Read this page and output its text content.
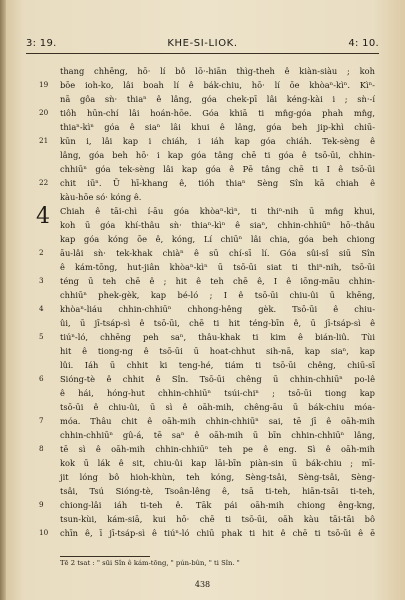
3: 19.	KHE-SI-LIOK.	4: 10.
thang chhēng, hō· lí bô lō·-hiān thìg-theh ê kiàn-siàu ; koh
19 bōe ioh-ko, lâi boah lí ê bák-chiu, hō· lí ōe khòaⁿ-kìⁿ. Kìⁿ-
nā gôa sǹ· thiaⁿ ê lâng, góa chek-pī lâi kéng-kài i ; sǹ·-í
20 tiôh hūn-chí lâi hoán-hōe. Góa khiā ti mn̂g-góa phah mn̂g,
thiaⁿ-kìⁿ góa ê siaⁿ lâi khui ê lâng, góa beh jip-khì chiū-
21 kūn i, lâi kap i chiáh, i iáh kap góa chiáh. Tek-sèng ê
lâng, góa beh hō· i kap góa tâng chē ti góa ê tsō-ūi, chhin-
chhiūⁿ góa tek-sèng lâi kap góa ê Pē tâng chē ti I ê tsō-ūi
22 chit iūⁿ. Ū hī-khang ê, tióh thiaⁿ Sèng Sîn kā chiah ê
kàu-hōe só· kóng ê.
4 Chiah ê tāi-chì í-āu góa khòaⁿ-kìⁿ, ti thiⁿ-nih ū mn̂g khui,
koh ū góa khí-thâu sǹ· thiaⁿ-kìⁿ ê siaⁿ, chhin-chhiūⁿ hō·-thâu
kap góa kóng ōe ê, kóng, Lí chiūⁿ lâi chia, góa beh chiong
2 āu-lâi sǹ· tek-khak chiàⁿ ê sū chí-sī lí. Góa sûi-sî siū Sîn
ê kám-tōng, hut-jiân khòaⁿ-kìⁿ ū tsō-ūi siat ti thiⁿ-nih, tsō-ūi
3 téng ū teh chē ê ; hit ê teh chē ê, I ê iōng-māu chhin-
chhiūⁿ phek-gèk, kap bé-ló ; I ê tsō-ūi chiu-ûi ū khēng,
4 khòaⁿ-liáu chhin-chhiūⁿ chhong-hêng gèk. Tsō-ūi ê chiu-
ûi, ū jī-tsáp-sì ê tsō-ūi, chē ti hit téng-bīn ê, ū jī-tsáp-sì ê
5 tiúⁿ-ló, chhēng peh saⁿ, thâu-khak ti kim ê bián-liû. Tùi
hit ê tiong-ng ê tsō-ūi ū hoat-chhut sih-nā, kap siaⁿ, kap
lûi. Iáh ū chhit ki teng-hé, tiám ti tsō-ūi chêng, chiū-sī
6 Sióng-tè ê chhit ê Sîn. Tsō-ūi chêng ū chhin-chhiūⁿ po-lê
ê hái, hóng-hut chhin-chhiūⁿ tsúi-chiⁿ ; tsō-ūi tiong kap
tsō-ūi ê chiu-ûi, ū sì ê oāh-mih, chêng-āu ū bák-chiu móa-
7 móa. Thâu chit ê oāh-mih chhin-chhiūⁿ sai, tē jī ê oāh-mih
chhin-chhiūⁿ gû-á, tē saⁿ ê oāh-mih ū bīn chhin-chhiūⁿ lâng,
8 tē sì ê oāh-mih chhin-chhiūⁿ teh pe ê eng. Sì ê oāh-mih
kok ū lák ê sit, chiu-ûi kap lāi-bīn piàn-sin ū bák-chiu ; mī-
jit lóng bô hioh-khùn, teh kóng, Sèng-tsâi, Sèng-tsâi, Sèng-
tsâi, Tsú Sióng-tè, Tsoân-lêng ê, tsā ti-teh, hiān-tsāi ti-teh,
9 chiong-lâi iáh ti-teh ê. Tāk pái oāh-mih chiong êng-kng,
tsun-kùi, kám-siā, kui hō· chē ti tsō-ūi, oāh kàu tāi-tāi bô
10 chīn ê, ī jī-tsáp-sì ê tiúⁿ-ló chiū phak ti hit ê chē ti tsō-ūi ê ē
Tē 2 tsat : " sūi Sîn ê kám-tōng, " pún-bûn, " ti Sîn. "
438
